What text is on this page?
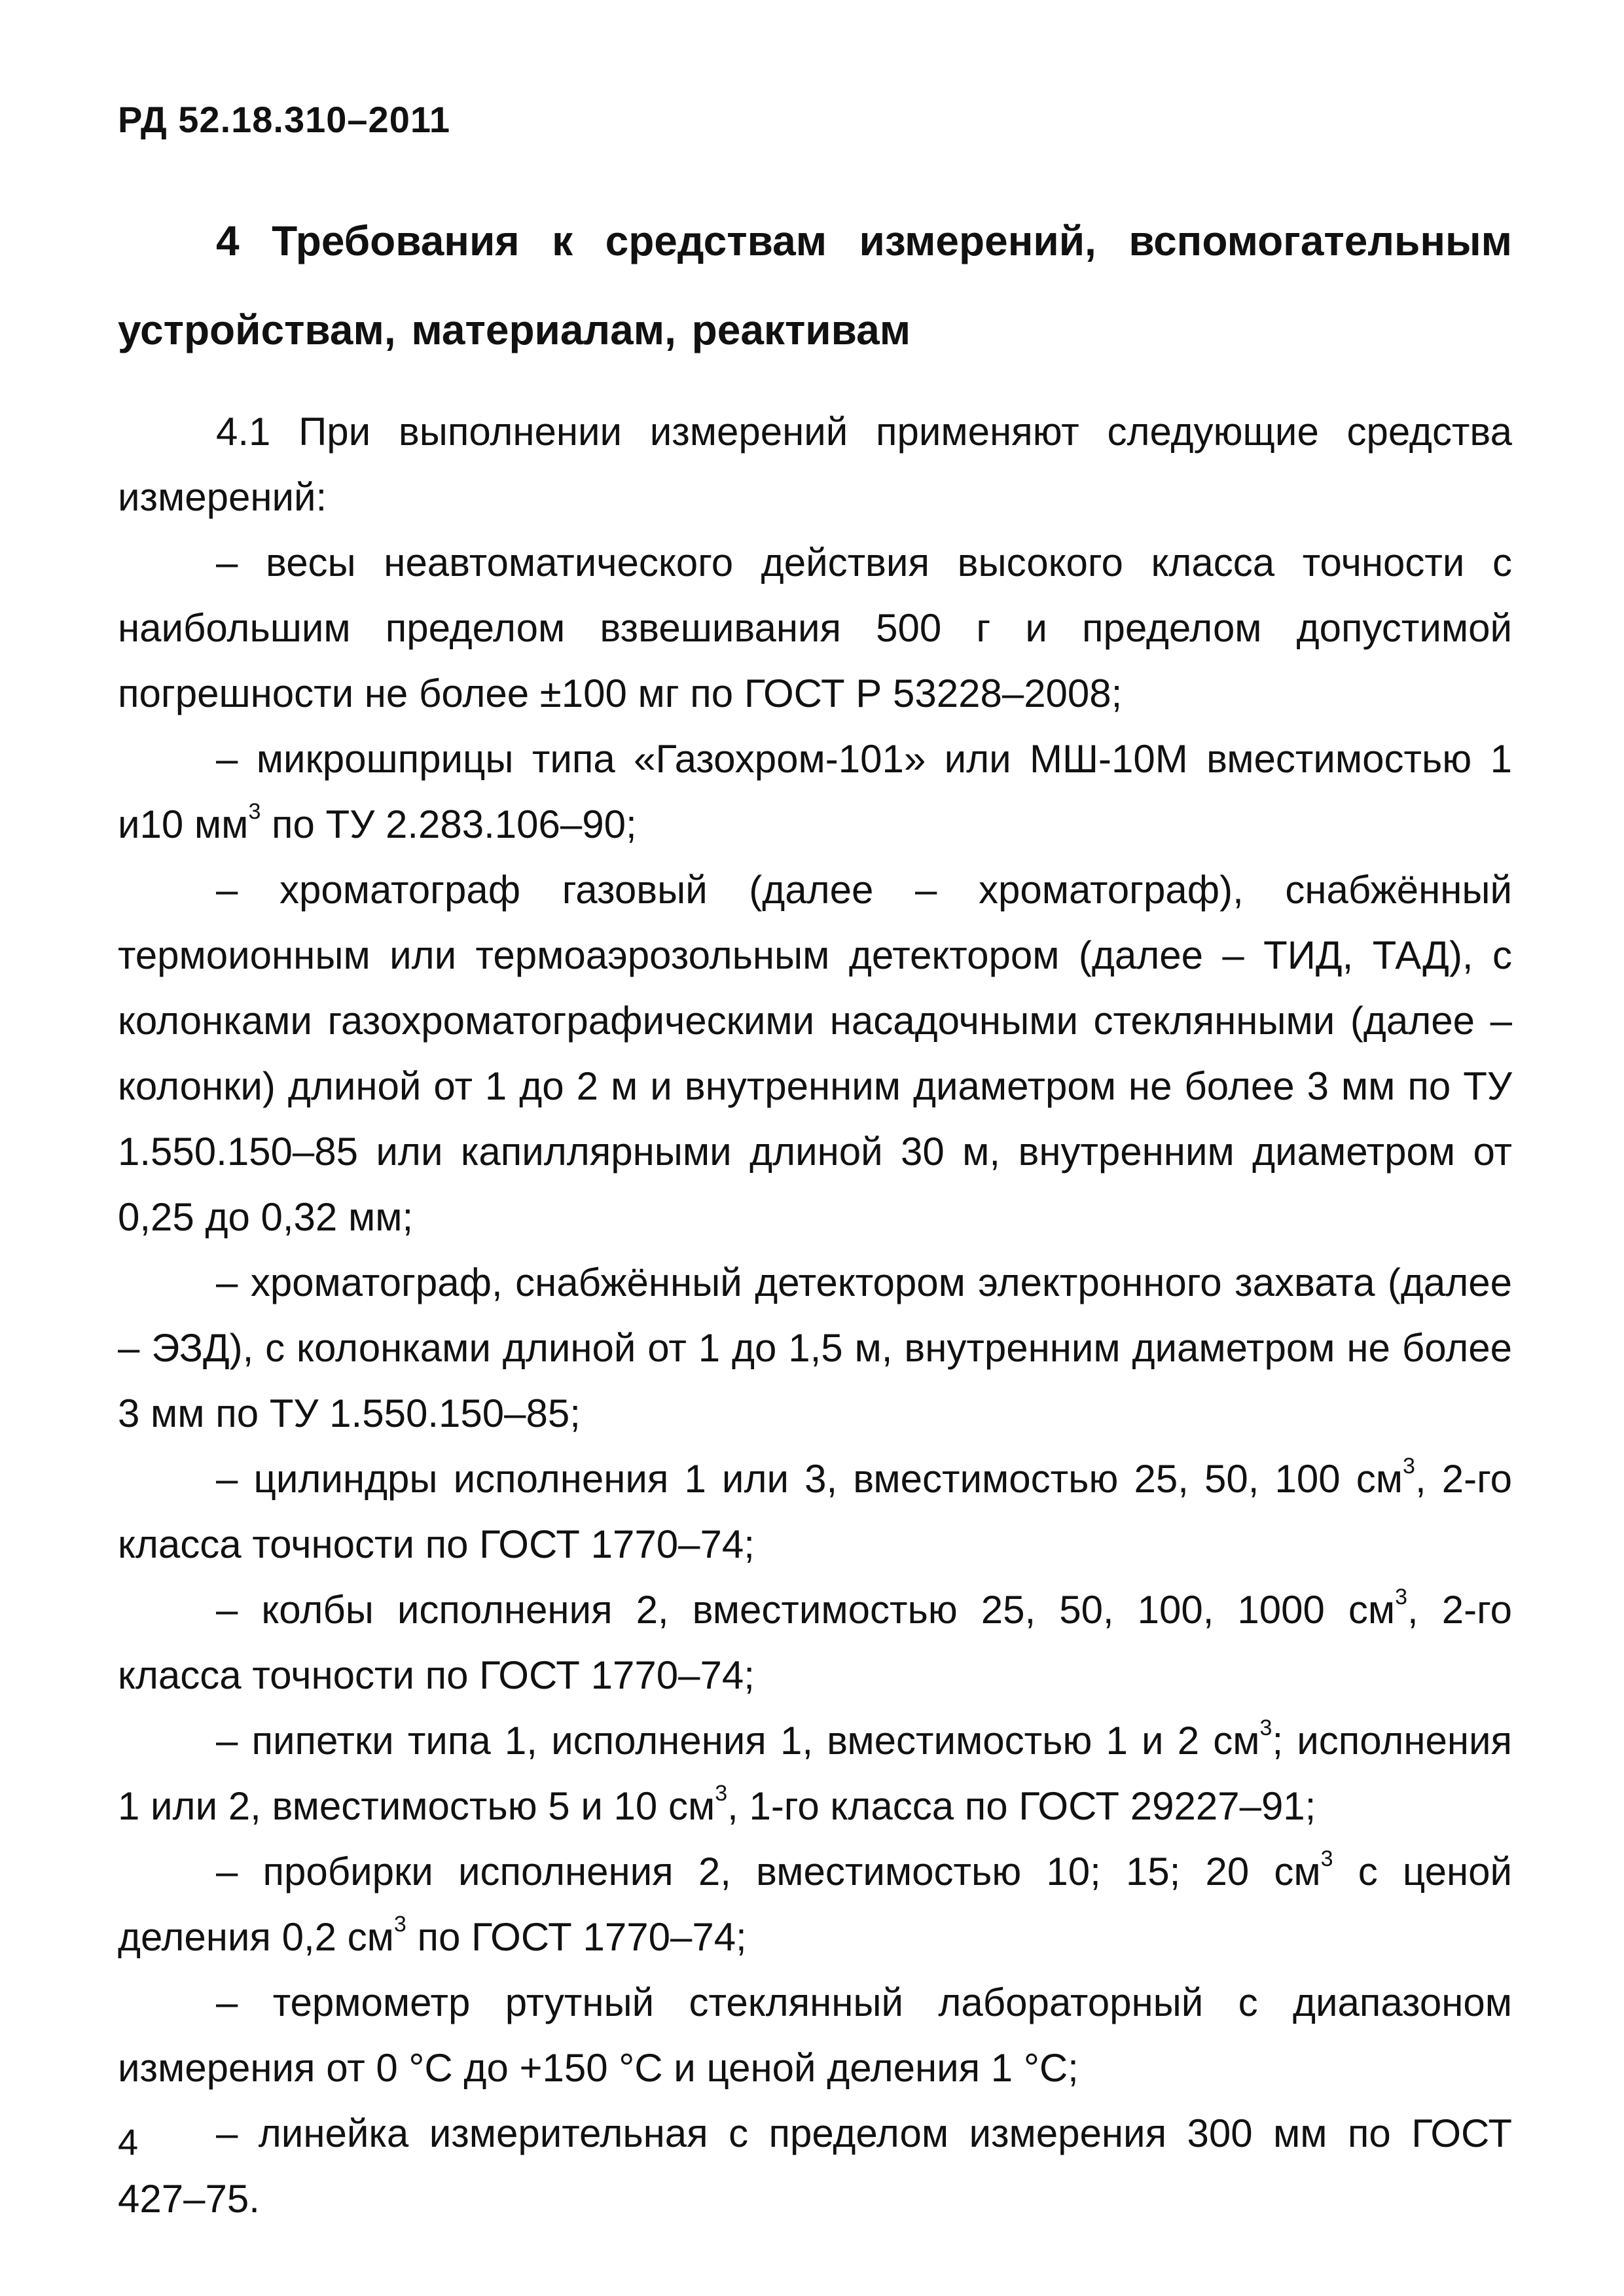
РД 52.18.310–2011
4 Требования к средствам измерений, вспомогательным устройствам, материалам, реактивам

4.1 При выполнении измерений применяют следующие средства измерений:

– весы неавтоматического действия высокого класса точности с наибольшим пределом взвешивания 500 г и пределом допустимой погрешности не более ±100 мг по ГОСТ Р 53228–2008;

– микрошприцы типа «Газохром-101» или МШ-10М вместимостью 1 и10 $мм^3$ по ТУ 2.283.106–90;

– хроматограф газовый (далее – хроматограф), снабжённый термоионным или термоаэрозольным детектором (далее – ТИД, ТАД), с колонками газохроматографическими насадочными стеклянными (далее – колонки) длиной от 1 до 2 м и внутренним диаметром не более 3 мм по ТУ 1.550.150–85 или капиллярными длиной 30 м, внутренним диаметром от 0,25 до 0,32 мм;

– хроматограф, снабжённый детектором электронного захвата (далее – ЭЗД), с колонками длиной от 1 до 1,5 м, внутренним диаметром не более 3 мм по ТУ 1.550.150–85;

– цилиндры исполнения 1 или 3, вместимостью 25, 50, 100 $см^3$, 2-го класса точности по ГОСТ 1770–74;

– колбы исполнения 2, вместимостью 25, 50, 100, 1000 $см^3$, 2-го класса точности по ГОСТ 1770–74;

– пипетки типа 1, исполнения 1, вместимостью 1 и 2 $см^3$; исполнения 1 или 2, вместимостью 5 и 10 $см^3$, 1-го класса по ГОСТ 29227–91;

– пробирки исполнения 2, вместимостью 10; 15; 20 $см^3$ с ценой деления 0,2 $см^3$ по ГОСТ 1770–74;

– термометр ртутный стеклянный лабораторный с диапазоном измерения от 0 °С до +150 °С и ценой деления 1 °С;

– линейка измерительная с пределом измерения 300 мм по ГОСТ 427–75.

4
